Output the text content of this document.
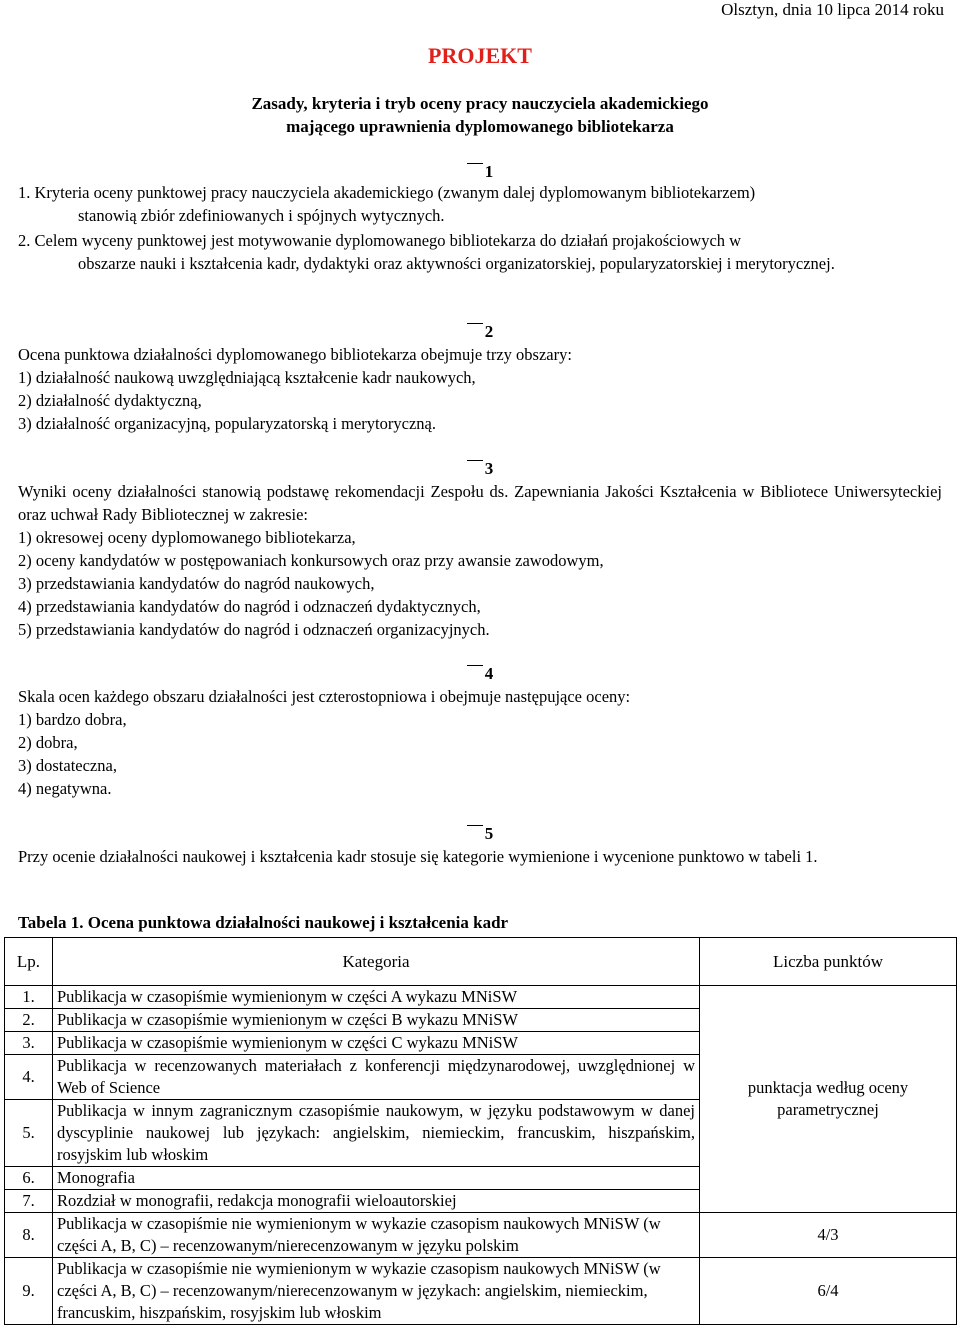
Olsztyn, dnia 10 lipca 2014 roku
PROJEKT
Zasady, kryteria i tryb oceny pracy nauczyciela akademickiego
mającego uprawnienia dyplomowanego bibliotekarza
1
1. Kryteria oceny punktowej pracy nauczyciela akademickiego (zwanym dalej dyplomowanym bibliotekarzem)
stanowią zbiór zdefiniowanych i spójnych wytycznych.
2. Celem wyceny punktowej jest motywowanie dyplomowanego bibliotekarza do działań projakościowych w
obszarze nauki i kształcenia kadr, dydaktyki oraz aktywności organizatorskiej, popularyzatorskiej i merytorycznej.
2
Ocena punktowa działalności dyplomowanego bibliotekarza obejmuje trzy obszary:
1) działalność naukową uwzględniającą kształcenie kadr naukowych,
2) działalność dydaktyczną,
3) działalność organizacyjną, popularyzatorską i merytoryczną.
3
Wyniki oceny działalności stanowią podstawę rekomendacji Zespołu ds. Zapewniania Jakości Kształcenia w Bibliotece Uniwersyteckiej oraz uchwał Rady Bibliotecznej w zakresie:
1) okresowej oceny dyplomowanego bibliotekarza,
2) oceny kandydatów w postępowaniach konkursowych oraz przy awansie zawodowym,
3) przedstawiania kandydatów do nagród naukowych,
4) przedstawiania kandydatów do nagród i odznaczeń dydaktycznych,
5) przedstawiania kandydatów do nagród i odznaczeń organizacyjnych.
4
Skala ocen każdego obszaru działalności jest czterostopniowa i obejmuje następujące oceny:
1) bardzo dobra,
2) dobra,
3) dostateczna,
4) negatywna.
5
Przy ocenie działalności naukowej i kształcenia kadr stosuje się kategorie wymienione i wycenione punktowo w tabeli 1.
Tabela 1. Ocena punktowa działalności naukowej i kształcenia kadr
Lp.	Kategoria	Liczba punktów
1.	Publikacja w czasopiśmie wymienionym w części A wykazu MNiSW	punktacja według oceny parametrycznej
2.	Publikacja w czasopiśmie wymienionym w części B wykazu MNiSW	
3.	Publikacja w czasopiśmie wymienionym w części C wykazu MNiSW	
4.	Publikacja w recenzowanych materiałach z konferencji międzynarodowej, uwzględnionej w Web of Science	
5.	Publikacja w innym zagranicznym czasopiśmie naukowym, w języku podstawowym w danej dyscyplinie naukowej lub językach: angielskim, niemieckim, francuskim, hiszpańskim, rosyjskim lub włoskim	
6.	Monografia	
7.	Rozdział w monografii, redakcja monografii wieloautorskiej	
8.	Publikacja w czasopiśmie nie wymienionym w wykazie czasopism naukowych MNiSW (w części A, B, C) – recenzowanym/nierecenzowanym w języku polskim	4/3
9.	Publikacja w czasopiśmie nie wymienionym w wykazie czasopism naukowych MNiSW (w części A, B, C) – recenzowanym/nierecenzowanym w językach: angielskim, niemieckim, francuskim, hiszpańskim, rosyjskim lub włoskim	6/4
